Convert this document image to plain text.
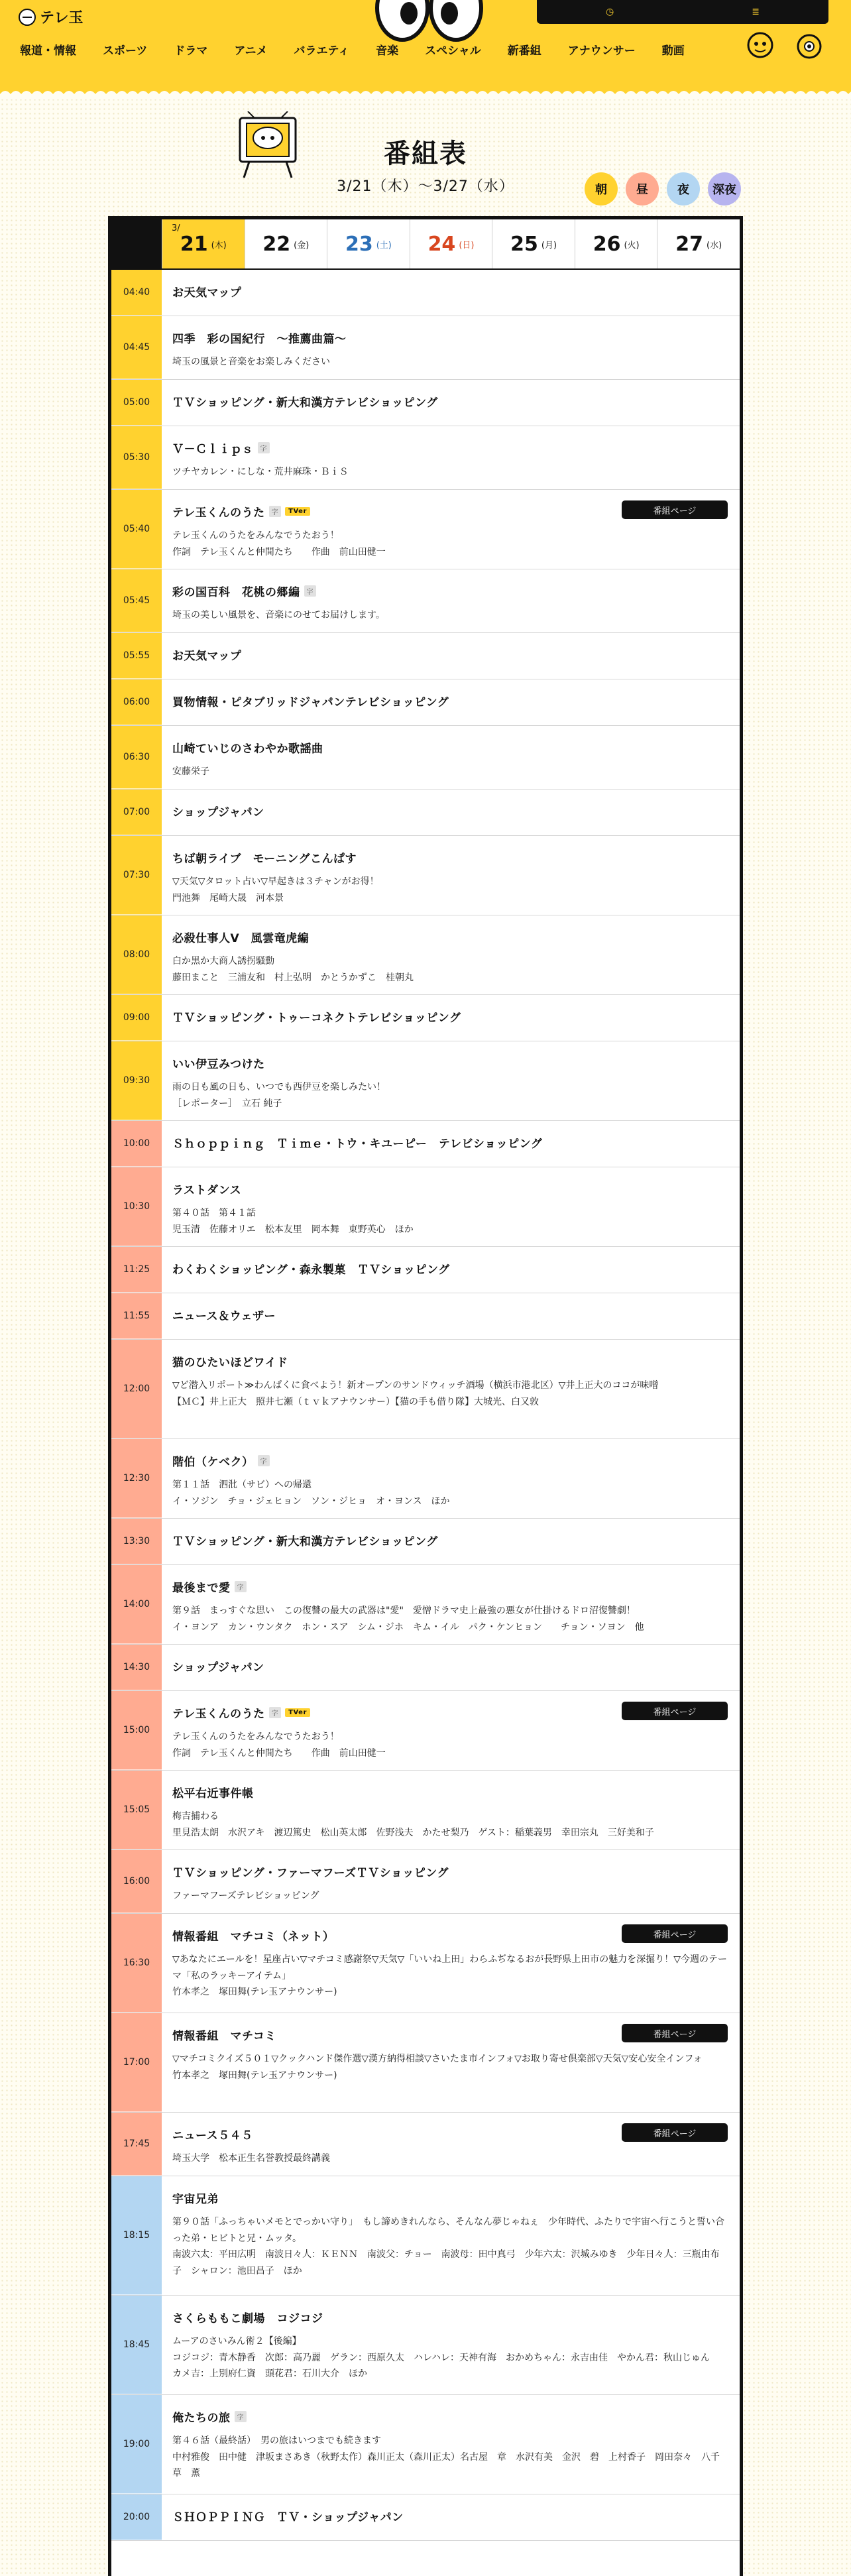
テレ玉	◷	≣
報道・情報	スポーツ	ドラマ	アニメ	バラエティ	音楽	スペシャル	新番組	アナウンサー	動画
番組表
3/21（木）～3/27（水）	朝	昼	夜	深夜
3/
21 (木) 22 (金) 23 (土) 24 (日) 25 (月) 26 (火) 27 (水)
04:40	お天気マップ
04:45
四季　彩の国紀行　～推薦曲篇～
埼玉の風景と音楽をお楽しみください
05:00	ＴＶショッピング・新大和漢方テレビショッピング
05:30
Ｖ－Ｃｌｉｐｓ	字
ツチヤカレン・にしな・荒井麻珠・ＢｉＳ
05:40
テレ玉くんのうた	字	TVer
テレ玉くんのうたをみんなでうたおう！
作詞　テレ玉くんと仲間たち　　作曲　前山田健一
番組ページ
05:45
彩の国百科　花桃の郷編	字
埼玉の美しい風景を、音楽にのせてお届けします。
05:55	お天気マップ
06:00	買物情報・ピタブリッドジャパンテレビショッピング
06:30
山崎ていじのさわやか歌謡曲
安藤栄子
07:00	ショップジャパン
07:30
ちば朝ライブ　モーニングこんぱす
▽天気▽タロット占い▽早起きは３チャンがお得！
門池舞　尾崎大晟　河本景
08:00
必殺仕事人Ⅴ　風雲竜虎編
白か黒か大商人誘拐騒動
藤田まこと　三浦友和　村上弘明　かとうかずこ　桂朝丸
09:00	ＴＶショッピング・トゥーコネクトテレビショッピング
09:30
いい伊豆みつけた
雨の日も風の日も、いつでも西伊豆を楽しみたい！
［レポーター］　立石 純子
10:00	Ｓｈｏｐｐｉｎｇ　Ｔｉｍｅ・トウ・キユーピー　テレビショッピング
10:30
ラストダンス
第４０話　第４１話
児玉清　佐藤オリエ　松本友里　岡本舞　東野英心　ほか
11:25	わくわくショッピング・森永製菓　ＴＶショッピング
11:55	ニュース＆ウェザー
12:00
猫のひたいほどワイド
▽ど潜入リポート≫わんぱくに食べよう！新オープンのサンドウィッチ酒場（横浜市港北区）▽井上正大のココが味噌
【ＭＣ】井上正大　照井七瀬（ｔｖｋアナウンサー）【猫の手も借り隊】大城光、白又敦
12:30
階伯（ケベク）	字
第１１話　泗沘（サビ）への帰還
イ・ソジン　チョ・ジェヒョン　ソン・ジヒョ　オ・ヨンス　ほか
13:30	ＴＶショッピング・新大和漢方テレビショッピング
14:00
最後まで愛	字
第９話　まっすぐな思い　この復讐の最大の武器は"愛"　愛憎ドラマ史上最強の悪女が仕掛けるドロ沼復讐劇！
イ・ヨンア　カン・ウンタク　ホン・スア　シム・ジホ　キム・イル　パク・ケンヒョン　　チョン・ソヨン　他
14:30	ショップジャパン
15:00
テレ玉くんのうた	字	TVer
テレ玉くんのうたをみんなでうたおう！
作詞　テレ玉くんと仲間たち　　作曲　前山田健一
番組ページ
15:05
松平右近事件帳
梅吉捕わる
里見浩太朗　水沢アキ　渡辺篤史　松山英太郎　佐野浅夫　かたせ梨乃　ゲスト：稲葉義男　幸田宗丸　三好美和子
16:00
ＴＶショッピング・ファーマフーズＴＶショッピング
ファーマフーズテレビショッピング
16:30
情報番組　マチコミ（ネット）
▽あなたにエールを！星座占い▽マチコミ感謝祭▽天気▽「いいね上田」わらふぢなるおが長野県上田市の魅力を深掘り！▽今週のテーマ「私のラッキーアイテム」
竹本孝之　塚田舞(テレ玉アナウンサー)
番組ページ
17:00
情報番組　マチコミ
▽マチコミクイズ５０１▽クックハンド傑作選▽漢方納得相談▽さいたま市インフォ▽お取り寄せ倶楽部▽天気▽安心安全インフォ
竹本孝之　塚田舞(テレ玉アナウンサー)
番組ページ
17:45
ニュース５４５
埼玉大学　松本正生名誉教授最終講義
番組ページ
18:15
宇宙兄弟
第９０話「ふっちゃいメモとでっかい守り」　もし諦めきれんなら、そんなん夢じゃねぇ　少年時代、ふたりで宇宙へ行こうと誓い合った弟・ヒビトと兄・ムッタ。
南波六太：平田広明　南波日々人：ＫＥＮＮ　南波父：チョー　南波母：田中真弓　少年六太：沢城みゆき　少年日々人：三瓶由布子　シャロン：池田昌子　ほか
18:45
さくらももこ劇場　コジコジ
ムーアのさいみん術２【後編】
コジコジ：青木静香　次郎：高乃麗　ゲラン：西原久太　ハレハレ：天神有海　おかめちゃん：永吉由佳　やかん君：秋山じゅん　カメ吉：上別府仁資　頭花君：石川大介　ほか
19:00
俺たちの旅	字
第４６話（最終話）　男の旅はいつまでも続きます
中村雅俊　田中健　津坂まさあき（秋野太作）森川正太（森川正太）名古屋　章　水沢有美　金沢　碧　上村香子　岡田奈々　八千草　薫
20:00	ＳＨＯＰＰＩＮＧ　ＴＶ・ショップジャパン
